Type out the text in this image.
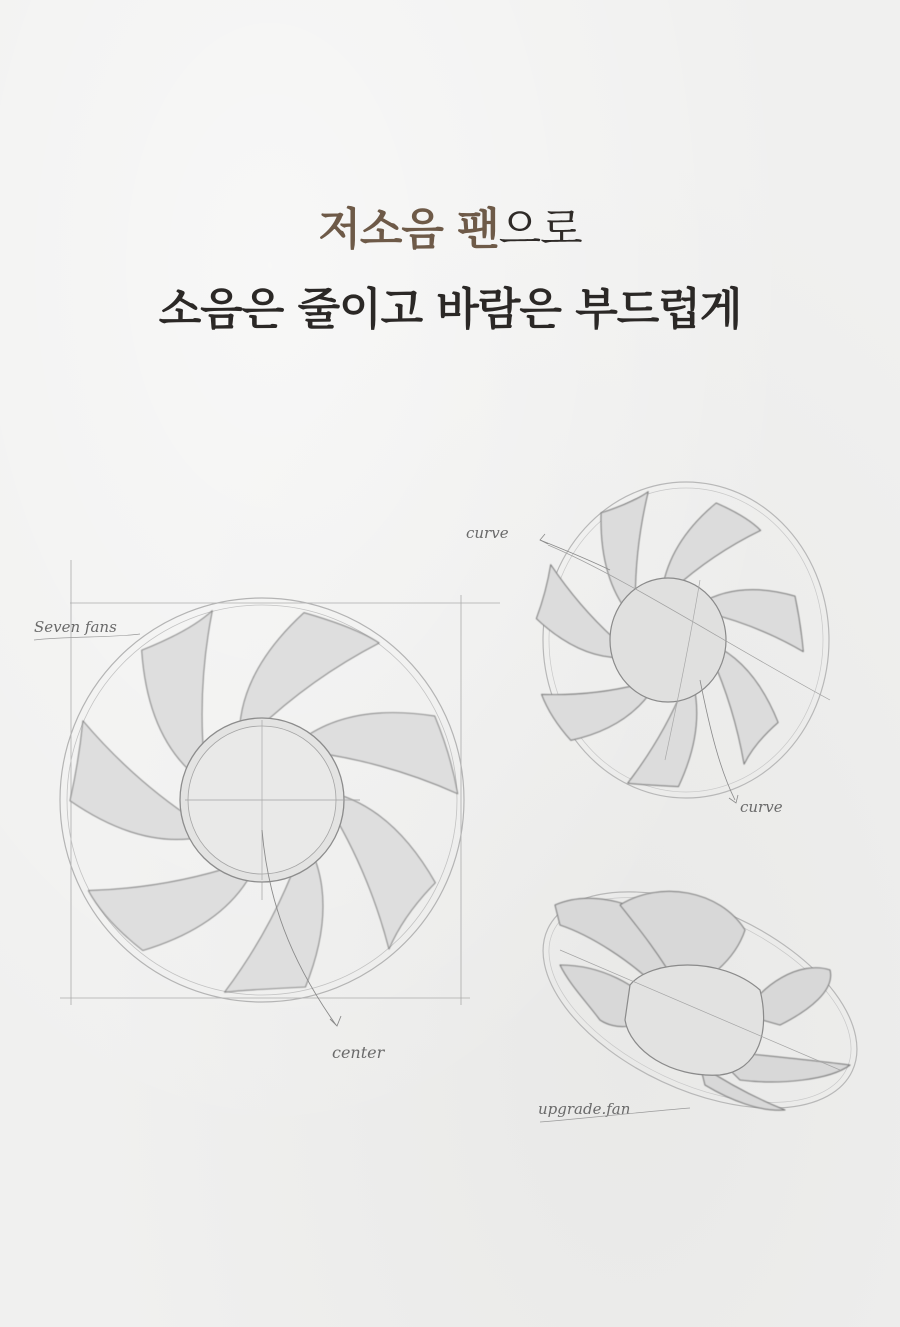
저소음 팬으로
소음은 줄이고 바람은 부드럽게
center
Seven fans
curve
curve
upgrade.fan
